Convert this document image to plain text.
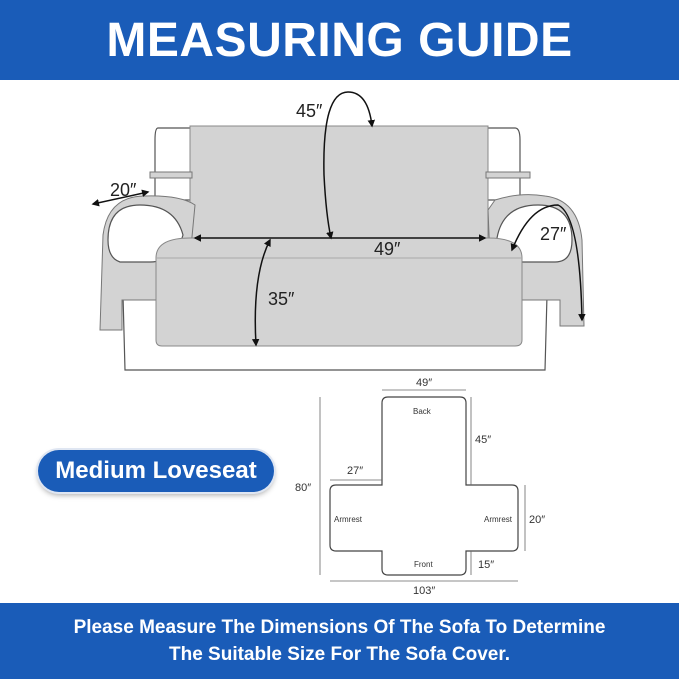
MEASURING GUIDE
45″
20″
49″
27″
35″
Medium Loveseat
49″
Back
45″
80″
27″
Armrest	Armrest 20″
Front	15″
103″
Please Measure The Dimensions Of The Sofa To Determine
The Suitable Size For The Sofa Cover.
